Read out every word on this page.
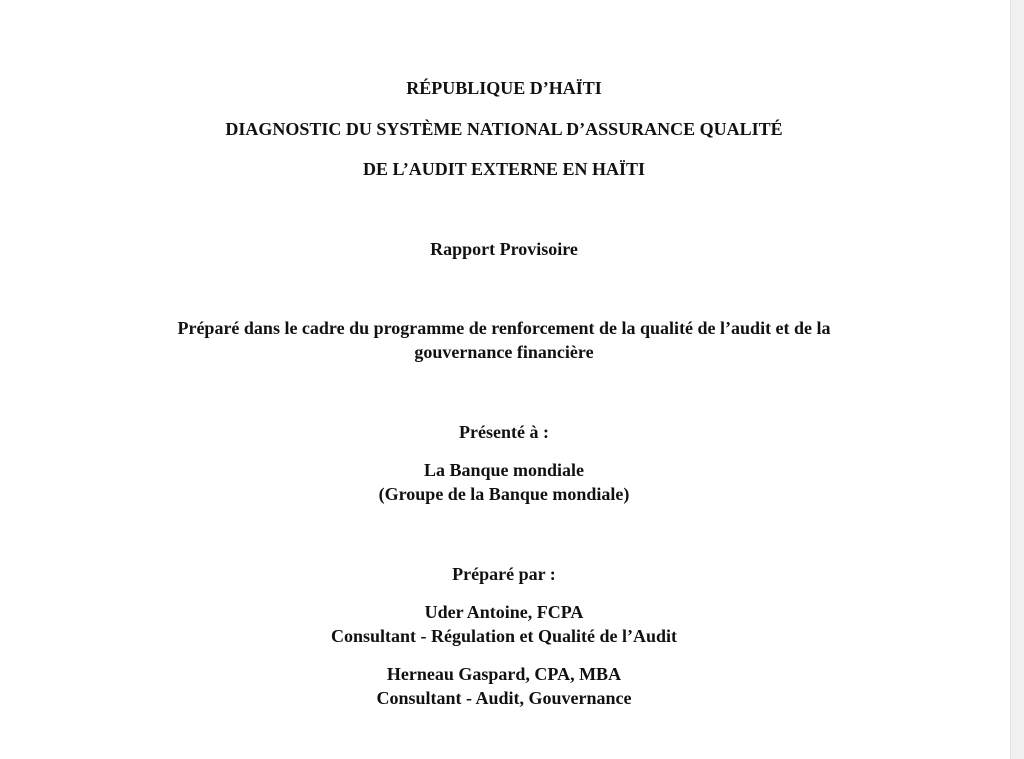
RÉPUBLIQUE D’HAÏTI
DIAGNOSTIC DU SYSTÈME NATIONAL D’ASSURANCE QUALITÉ
DE L’AUDIT EXTERNE EN HAÏTI
Rapport Provisoire
Préparé dans le cadre du programme de renforcement de la qualité de l’audit et de la
gouvernance financière
Présenté à :
La Banque mondiale
(Groupe de la Banque mondiale)
Préparé par :
Uder Antoine, FCPA
Consultant - Régulation et Qualité de l’Audit
Herneau Gaspard, CPA, MBA
Consultant - Audit, Gouvernance
